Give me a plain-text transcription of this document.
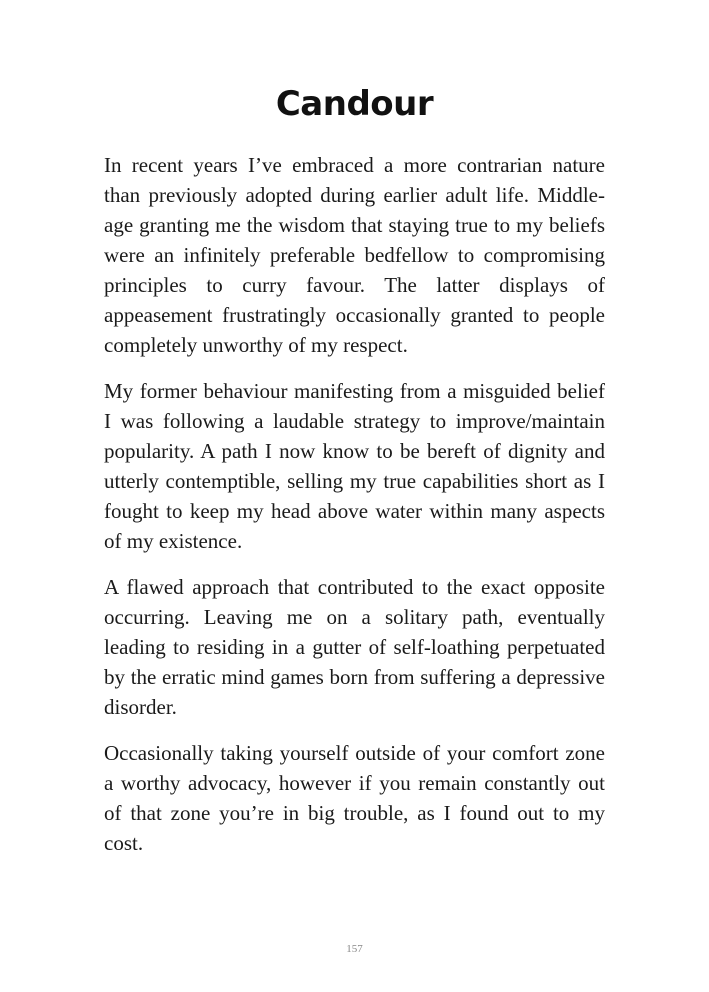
Candour

In recent years I’ve embraced a more contrarian nature than previously adopted during earlier adult life. Middle-age granting me the wisdom that staying true to my beliefs were an infinitely preferable bedfellow to compromising principles to curry favour. The latter displays of appeasement frustratingly occasionally granted to people completely unworthy of my respect.

My former behaviour manifesting from a misguided belief I was following a laudable strategy to improve/maintain popularity. A path I now know to be bereft of dignity and utterly contemptible, selling my true capabilities short as I fought to keep my head above water within many aspects of my existence.

A flawed approach that contributed to the exact opposite occurring. Leaving me on a solitary path, eventually leading to residing in a gutter of self-loathing perpetuated by the erratic mind games born from suffering a depressive disorder.

Occasionally taking yourself outside of your comfort zone a worthy advocacy, however if you remain constantly out of that zone you’re in big trouble, as I found out to my cost.

157
